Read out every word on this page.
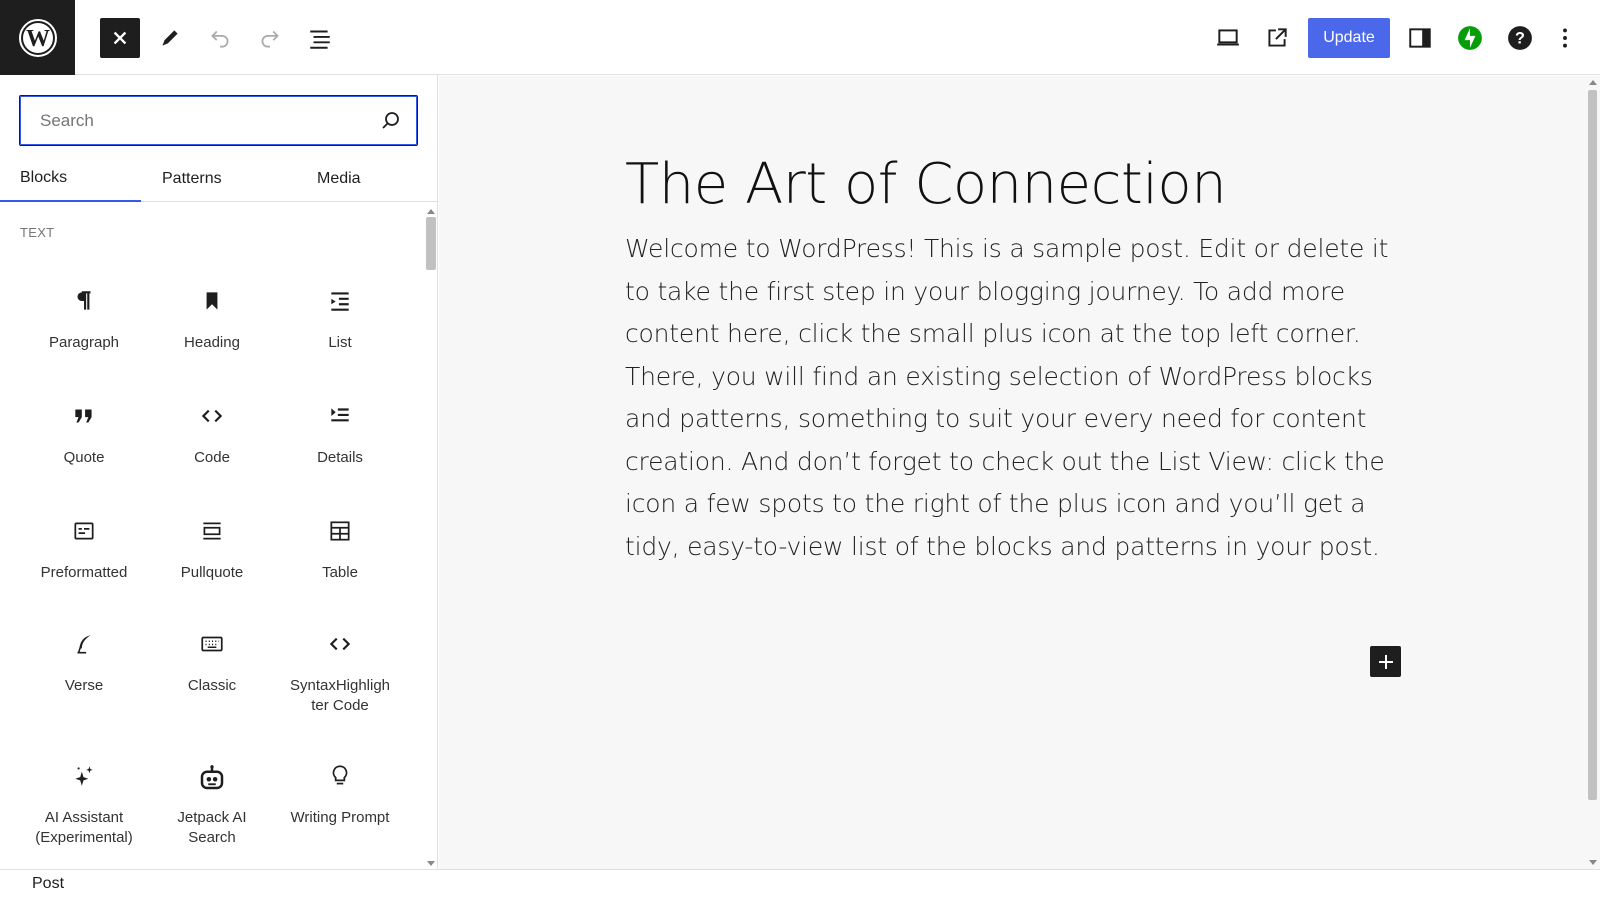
W	Update	?
Search
Blocks	Patterns	Media
TEXT
Paragraph	Heading	List
Quote	Code	Details
Preformatted	Pullquote	Table
Verse	Classic	SyntaxHighligh ter Code
AI Assistant (Experimental)
Jetpack AI Search
Writing Prompt
The Art of Connection
Welcome to WordPress! This is a sample post. Edit or delete it to take the first step in your blogging journey. To add more content here, click the small plus icon at the top left corner. There, you will find an existing selection of WordPress blocks and patterns, something to suit your every need for content creation. And don’t forget to check out the List View: click the icon a few spots to the right of the plus icon and you’ll get a tidy, easy-to-view list of the blocks and patterns in your post.
Post
